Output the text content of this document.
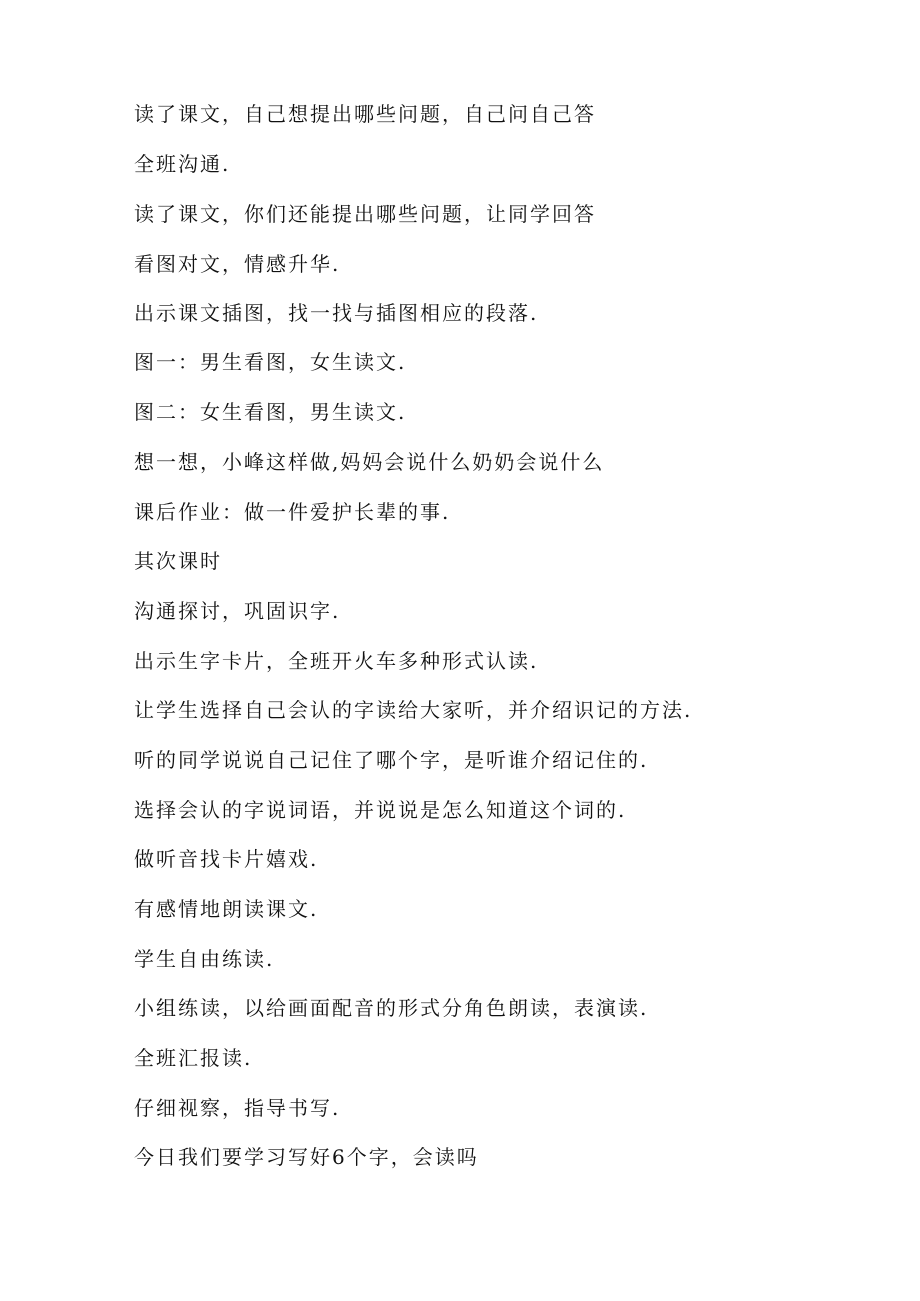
读了课文，自己想提出哪些问题，自己问自己答
全班沟通.
读了课文，你们还能提出哪些问题，让同学回答
看图对文，情感升华.
出示课文插图，找一找与插图相应的段落.
图一：男生看图，女生读文.
图二：女生看图，男生读文.
想一想，小峰这样做,妈妈会说什么奶奶会说什么
课后作业：做一件爱护长辈的事.
其次课时
沟通探讨，巩固识字.
出示生字卡片，全班开火车多种形式认读.
让学生选择自己会认的字读给大家听，并介绍识记的方法.
听的同学说说自己记住了哪个字，是听谁介绍记住的.
选择会认的字说词语，并说说是怎么知道这个词的.
做听音找卡片嬉戏.
有感情地朗读课文.
学生自由练读.
小组练读，以给画面配音的形式分角色朗读，表演读.
全班汇报读.
仔细视察，指导书写.
今日我们要学习写好6个字，会读吗
